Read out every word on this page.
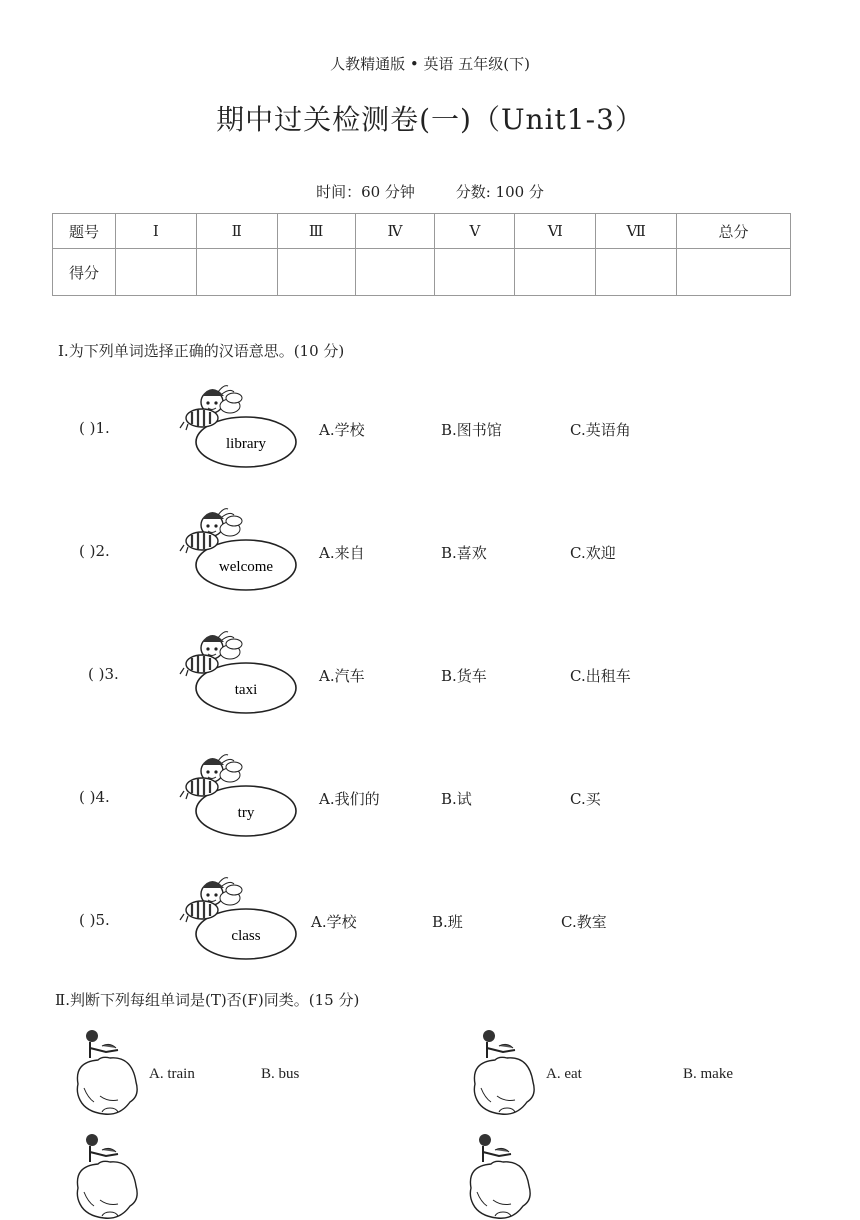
人教精通版 • 英语 五年级(下)
期中过关检测卷(一)（Unit1-3）
时间：60 分钟	分数: 100 分
题号	Ⅰ	Ⅱ	Ⅲ	Ⅳ	Ⅴ	Ⅵ	Ⅶ	总分
得分								
Ⅰ.为下列单词选择正确的汉语意思。(10 分)
( )1.
library
A.学校	B.图书馆	C.英语角
( )2.
welcome
A.来自	B.喜欢	C.欢迎
( )3.
taxi
A.汽车	B.货车	C.出租车
( )4.
try
A.我们的	B.试	C.买
( )5.
class
A.学校	B.班	C.教室
Ⅱ.判断下列每组单词是(T)否(F)同类。(15 分)
A. train	B. bus	A. eat	B. make
